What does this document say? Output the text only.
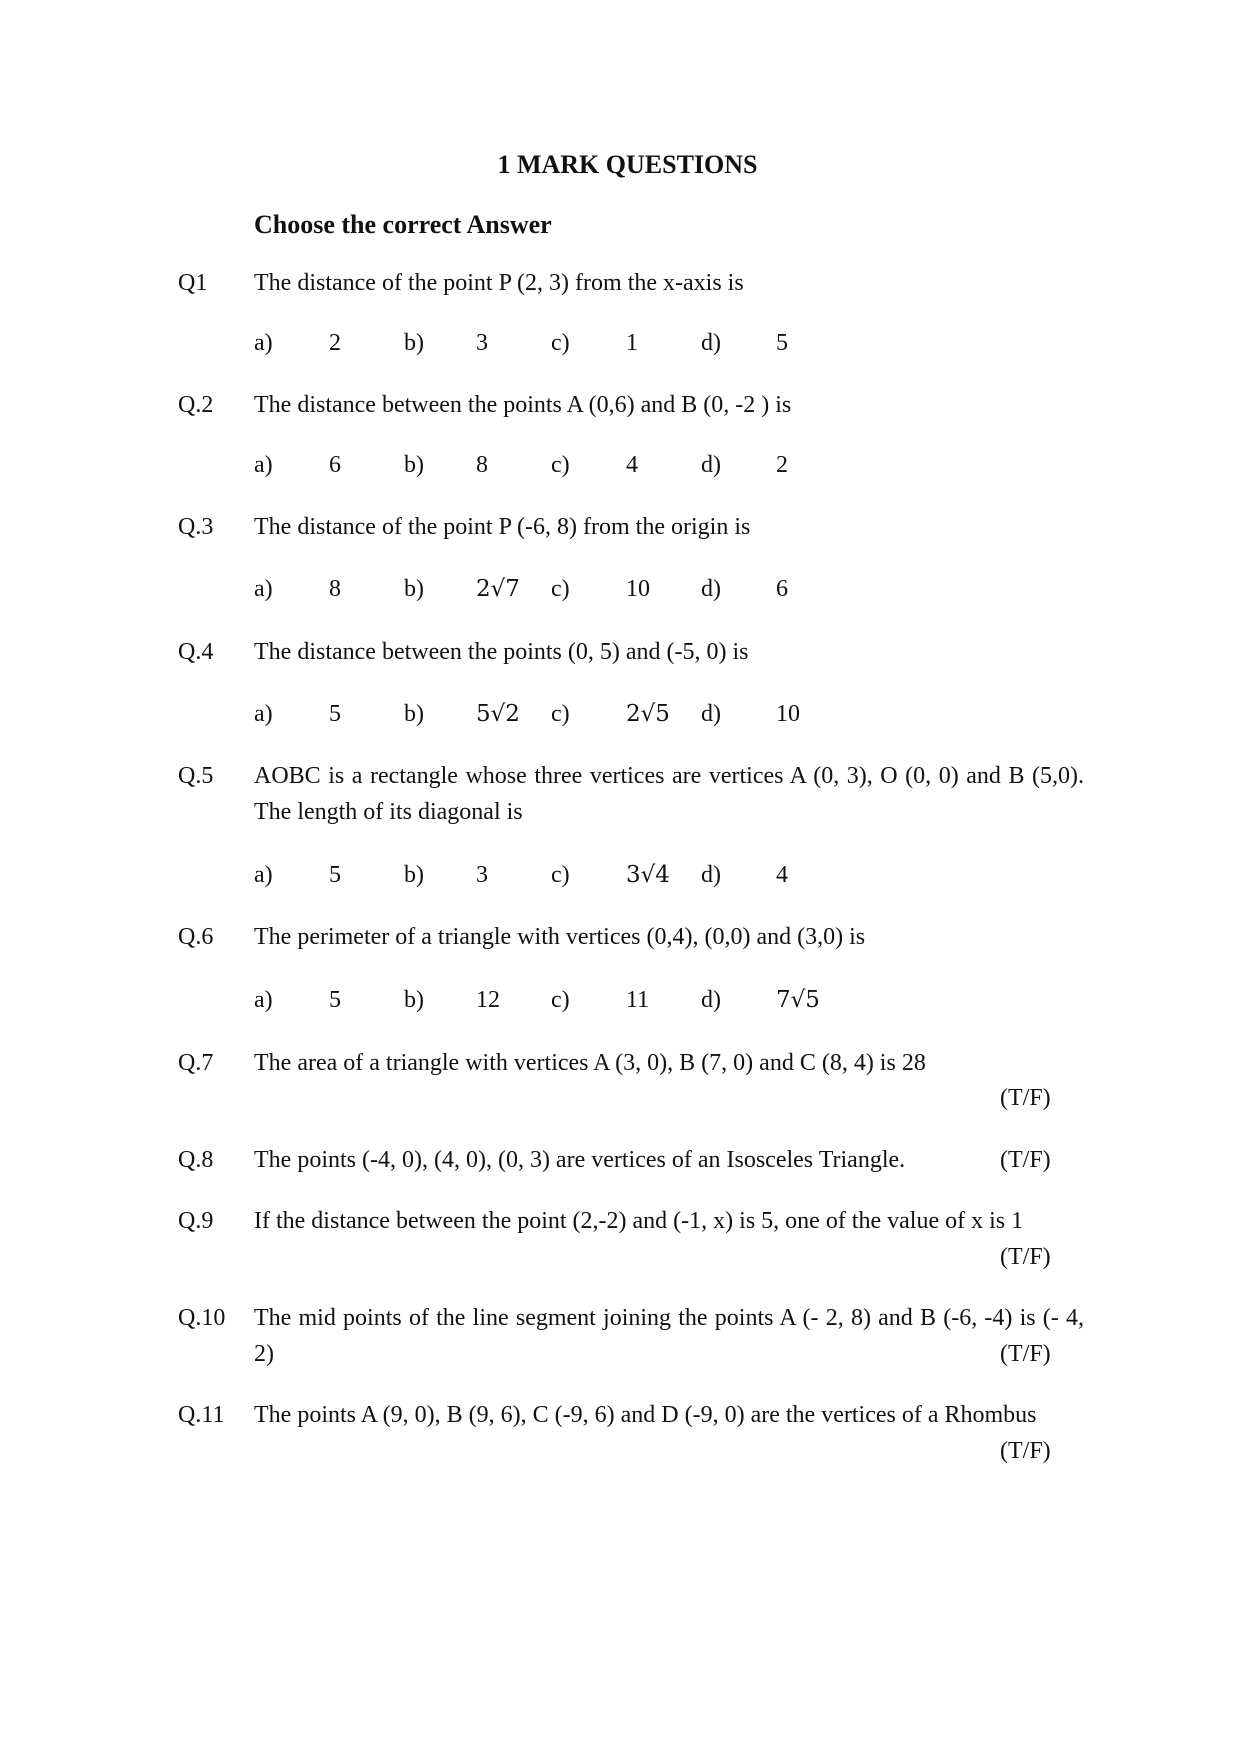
1 MARK QUESTIONS
Choose the correct Answer
Q1 The distance of the point P (2, 3) from the x-axis is
a) 2	b) 3	c) 1	d) 5
Q.2 The distance between the points A (0,6) and B (0, -2 ) is
a) 6	b) 8	c) 4	d) 2
Q.3 The distance of the point P (-6, 8) from the origin is
a) 8	b) 2√7 c) 10 d) 6
Q.4 The distance between the points (0, 5) and (-5, 0) is
a) 5	b) 5√2 c) 2√5 d) 10
Q.5 AOBC is a rectangle whose three vertices are vertices A (0, 3), O (0, 0) and B (5,0). The length of its diagonal is
a) 5	b) 3	c) 3√4 d) 4
Q.6 The perimeter of a triangle with vertices (0,4), (0,0) and (3,0) is
a) 5	b) 12 c) 11 d) 7√5
Q.7 The area of a triangle with vertices A (3, 0), B (7, 0) and C (8, 4) is 28
(T/F)
Q.8 The points (-4, 0), (4, 0), (0, 3) are vertices of an Isosceles Triangle.	(T/F)
Q.9 If the distance between the point (2,-2) and (-1, x) is 5, one of the value of x is 1
(T/F)
Q.10 The mid points of the line segment joining the points A (- 2, 8) and B (-6, -4) is (- 4, 2)	(T/F)
Q.11 The points A (9, 0), B (9, 6), C (-9, 6) and D (-9, 0) are the vertices of a Rhombus
(T/F)
